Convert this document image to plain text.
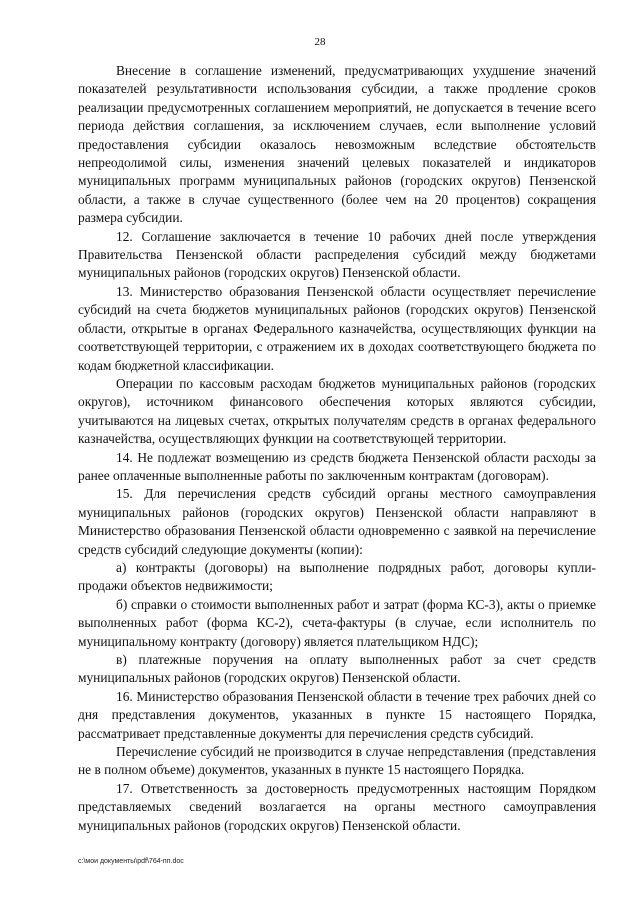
28

Внесение в соглашение изменений, предусматривающих ухудшение значений показателей результативности использования субсидии, а также продление сроков реализации предусмотренных соглашением мероприятий, не допускается в течение всего периода действия соглашения, за исключением случаев, если выполнение условий предоставления субсидии оказалось невозможным вследствие обстоятельств непреодолимой силы, изменения значений целевых показателей и индикаторов муниципальных программ муниципальных районов (городских округов) Пензенской области, а также в случае существенного (более чем на 20 процентов) сокращения размера субсидии.

12. Соглашение заключается в течение 10 рабочих дней после утверждения Правительства Пензенской области распределения субсидий между бюджетами муниципальных районов (городских округов) Пензенской области.

13. Министерство образования Пензенской области осуществляет перечисление субсидий на счета бюджетов муниципальных районов (городских округов) Пензенской области, открытые в органах Федерального казначейства, осуществляющих функции на соответствующей территории, с отражением их в доходах соответствующего бюджета по кодам бюджетной классификации.

Операции по кассовым расходам бюджетов муниципальных районов (городских округов), источником финансового обеспечения которых являются субсидии, учитываются на лицевых счетах, открытых получателям средств в органах федерального казначейства, осуществляющих функции на соответствующей территории.

14. Не подлежат возмещению из средств бюджета Пензенской области расходы за ранее оплаченные выполненные работы по заключенным контрактам (договорам).

15. Для перечисления средств субсидий органы местного самоуправления муниципальных районов (городских округов) Пензенской области направляют в Министерство образования Пензенской области одновременно с заявкой на перечисление средств субсидий следующие документы (копии):

а) контракты (договоры) на выполнение подрядных работ, договоры купли-продажи объектов недвижимости;

б) справки о стоимости выполненных работ и затрат (форма КС-3), акты о приемке выполненных работ (форма КС-2), счета-фактуры (в случае, если исполнитель по муниципальному контракту (договору) является плательщиком НДС);

в) платежные поручения на оплату выполненных работ за счет средств муниципальных районов (городских округов) Пензенской области.

16. Министерство образования Пензенской области в течение трех рабочих дней со дня представления документов, указанных в пункте 15 настоящего Порядка, рассматривает представленные документы для перечисления средств субсидий.

Перечисление субсидий не производится в случае непредставления (представления не в полном объеме) документов, указанных в пункте 15 настоящего Порядка.

17. Ответственность за достоверность предусмотренных настоящим Порядком представляемых сведений возлагается на органы местного самоуправления муниципальных районов (городских округов) Пензенской области.

c:\мои документы\pdf\764-пп.doc
